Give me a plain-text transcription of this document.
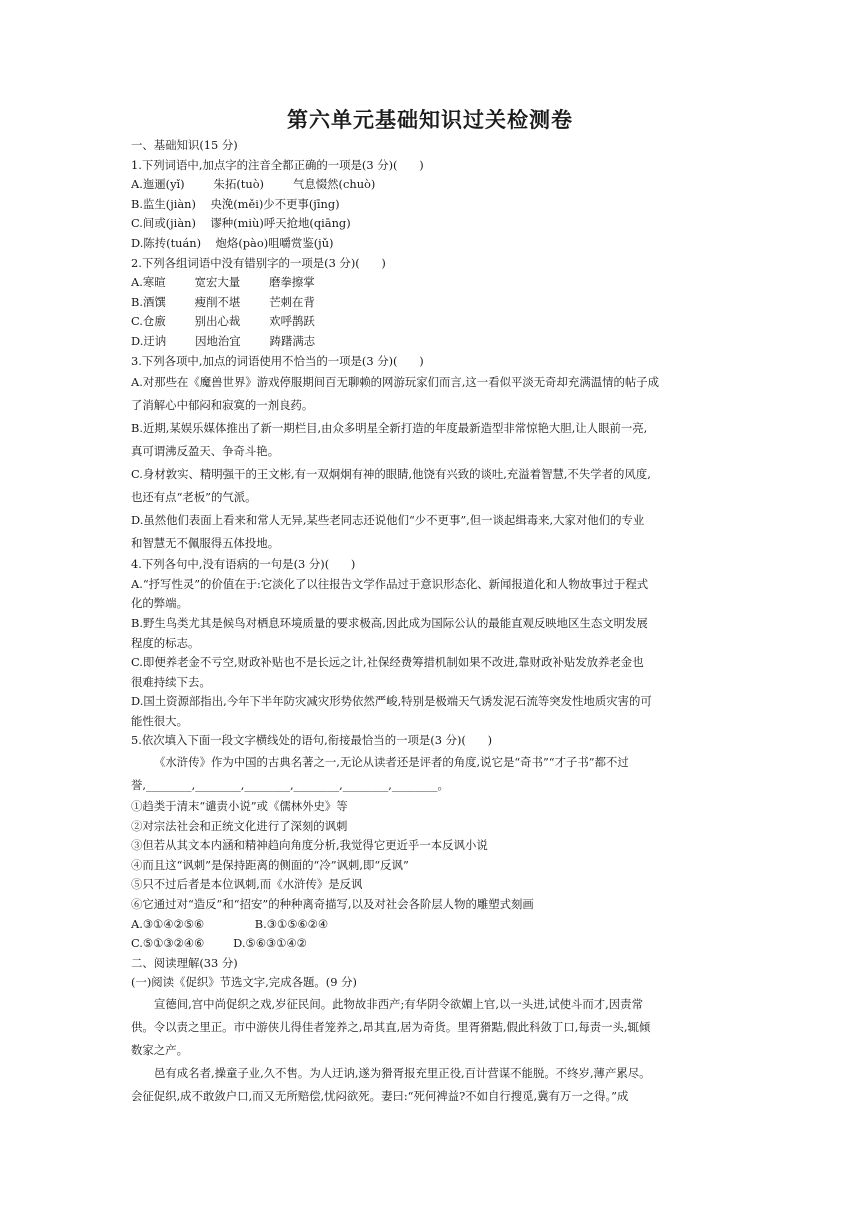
第六单元基础知识过关检测卷
一、基础知识(15 分)
1.下列词语中,加点字的注音全都正确的一项是(3 分)(      )
A.迤逦(yǐ)        朱拓(tuò)        气息惙然(chuò)
B.监生(jiàn)    央浼(měi)少不更事(jīng)
C.间或(jiàn)    谬种(miù)呼天抢地(qiāng)
D.陈抟(tuán)    炮烙(pào)咀嚼赏鉴(jǔ)
2.下列各组词语中没有错别字的一项是(3 分)(      )
A.寒暄        宽宏大量        磨拳擦掌
B.酒馔        瘦削不堪        芒刺在背
C.仓廒        别出心裁        欢呼鹊跃
D.迂讷        因地治宜        踌躇满志
3.下列各项中,加点的词语使用不恰当的一项是(3 分)(      )
A.对那些在《魔兽世界》游戏停服期间百无聊赖的网游玩家们而言,这一看似平淡无奇却充满温情的帖子成
了消解心中郁闷和寂寞的一剂良药。
B.近期,某娱乐媒体推出了新一期栏目,由众多明星全新打造的年度最新造型非常惊艳大胆,让人眼前一亮,
真可谓沸反盈天、争奇斗艳。
C.身材敦实、精明强干的王文彬,有一双炯炯有神的眼睛,他饶有兴致的谈吐,充溢着智慧,不失学者的风度,
也还有点“老板”的气派。
D.虽然他们表面上看来和常人无异,某些老同志还说他们“少不更事”,但一谈起缉毒来,大家对他们的专业
和智慧无不佩服得五体投地。
4.下列各句中,没有语病的一句是(3 分)(      )
A.“抒写性灵”的价值在于:它淡化了以往报告文学作品过于意识形态化、新闻报道化和人物故事过于程式
化的弊端。
B.野生鸟类尤其是候鸟对栖息环境质量的要求极高,因此成为国际公认的最能直观反映地区生态文明发展
程度的标志。
C.即便养老金不亏空,财政补贴也不是长远之计,社保经费筹措机制如果不改进,靠财政补贴发放养老金也
很难持续下去。
D.国土资源部指出,今年下半年防灾减灾形势依然严峻,特别是极端天气诱发泥石流等突发性地质灾害的可
能性很大。
5.依次填入下面一段文字横线处的语句,衔接最恰当的一项是(3 分)(      )
《水浒传》作为中国的古典名著之一,无论从读者还是评者的角度,说它是“奇书”“才子书”都不过
誉,________,________,________,________,________,________。
①趋类于清末“谴责小说”或《儒林外史》等
②对宗法社会和正统文化进行了深刻的讽刺
③但若从其文本内涵和精神趋向角度分析,我觉得它更近乎一本反讽小说
④而且这“讽刺”是保持距离的侧面的“冷”讽刺,即“反讽”
⑤只不过后者是本位讽刺,而《水浒传》是反讽
⑥它通过对“造反”和“招安”的种种离奇描写,以及对社会各阶层人物的雕塑式刻画
A.③①④②⑤⑥              B.③①⑤⑥②④
C.⑤①③②④⑥        D.⑤⑥③①④②
二、阅读理解(33 分)
(一)阅读《促织》节选文字,完成各题。(9 分)
宣德间,宫中尚促织之戏,岁征民间。此物故非西产;有华阴令欲媚上官,以一头进,试使斗而才,因责常
供。令以责之里正。市中游侠儿得佳者笼养之,昂其直,居为奇货。里胥猾黠,假此科敛丁口,每责一头,辄倾
数家之产。
邑有成名者,操童子业,久不售。为人迂讷,遂为猾胥报充里正役,百计营谋不能脱。不终岁,薄产累尽。
会征促织,成不敢敛户口,而又无所赔偿,忧闷欲死。妻曰:“死何裨益?不如自行搜觅,冀有万一之得。”成
